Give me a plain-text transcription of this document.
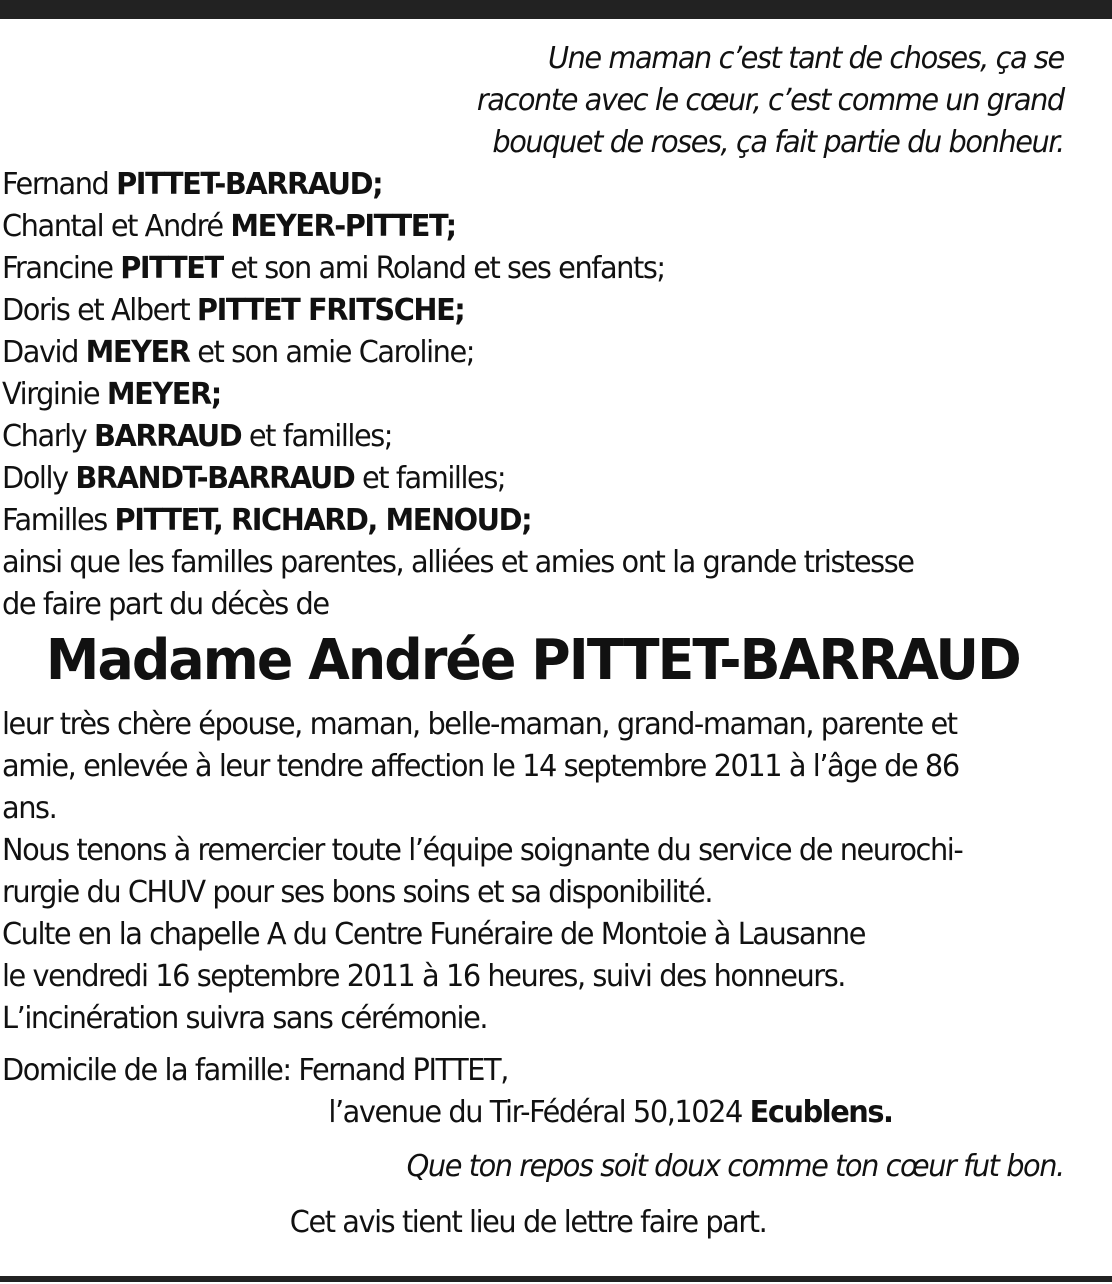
Une maman c’est tant de choses, ça se
raconte avec le cœur, c’est comme un grand
bouquet de roses, ça fait partie du bonheur.
Fernand PITTET-BARRAUD;
Chantal et André MEYER-PITTET;
Francine PITTET et son ami Roland et ses enfants;
Doris et Albert PITTET FRITSCHE;
David MEYER et son amie Caroline;
Virginie MEYER;
Charly BARRAUD et familles;
Dolly BRANDT-BARRAUD et familles;
Familles PITTET, RICHARD, MENOUD;
ainsi que les familles parentes, alliées et amies ont la grande tristesse
de faire part du décès de
Madame Andrée PITTET-BARRAUD
leur très chère épouse, maman, belle-maman, grand-maman, parente et
amie, enlevée à leur tendre affection le 14 septembre 2011 à l’âge de 86
ans.
Nous tenons à remercier toute l’équipe soignante du service de neurochi-
rurgie du CHUV pour ses bons soins et sa disponibilité.
Culte en la chapelle A du Centre Funéraire de Montoie à Lausanne
le vendredi 16 septembre 2011 à 16 heures, suivi des honneurs.
L’incinération suivra sans cérémonie.
Domicile de la famille: Fernand PITTET,
l’avenue du Tir-Fédéral 50,1024 Ecublens.
Que ton repos soit doux comme ton cœur fut bon.
Cet avis tient lieu de lettre faire part.
